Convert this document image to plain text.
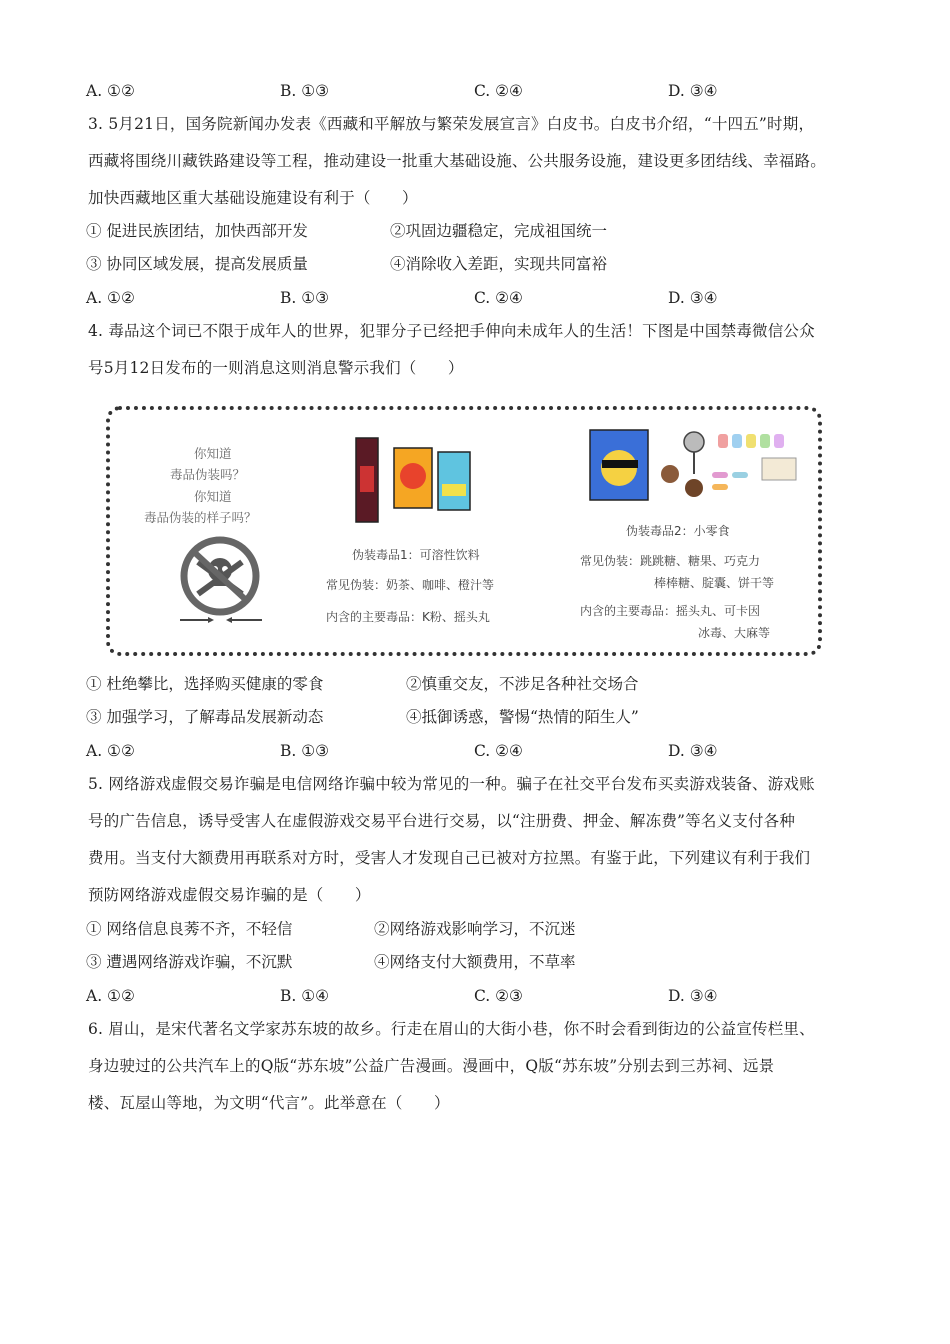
A. ①②	B. ①③	C. ②④	D. ③④
3. 5月21日，国务院新闻办发表《西藏和平解放与繁荣发展宣言》白皮书。白皮书介绍，“十四五”时期，
西藏将围绕川藏铁路建设等工程，推动建设一批重大基础设施、公共服务设施，建设更多团结线、幸福路。
加快西藏地区重大基础设施建设有利于（　　）
① 促进民族团结，加快西部开发	②巩固边疆稳定，完成祖国统一
③ 协同区域发展，提高发展质量	④消除收入差距，实现共同富裕
A. ①②	B. ①③	C. ②④	D. ③④
4. 毒品这个词已不限于成年人的世界，犯罪分子已经把手伸向未成年人的生活！下图是中国禁毒微信公众
号5月12日发布的一则消息这则消息警示我们（　　）
你知道
毒品伪装吗？
你知道
毒品伪装的样子吗？
伪装毒品1：可溶性饮料
常见伪装：奶茶、咖啡、橙汁等
内含的主要毒品：K粉、摇头丸
伪装毒品2：小零食
常见伪装：跳跳糖、糖果、巧克力
棒棒糖、腚囊、饼干等
内含的主要毒品：摇头丸、可卡因
冰毒、大麻等
① 杜绝攀比，选择购买健康的零食	②慎重交友，不涉足各种社交场合
③ 加强学习，了解毒品发展新动态	④抵御诱惑，警惕“热情的陌生人”
A. ①②	B. ①③	C. ②④	D. ③④
5. 网络游戏虚假交易诈骗是电信网络诈骗中较为常见的一种。骗子在社交平台发布买卖游戏装备、游戏账
号的广告信息，诱导受害人在虚假游戏交易平台进行交易，以“注册费、押金、解冻费”等名义支付各种
费用。当支付大额费用再联系对方时，受害人才发现自己已被对方拉黑。有鉴于此，下列建议有利于我们
预防网络游戏虚假交易诈骗的是（　　）
① 网络信息良莠不齐，不轻信	②网络游戏影响学习，不沉迷
③ 遭遇网络游戏诈骗，不沉默	④网络支付大额费用，不草率
A. ①②	B. ①④	C. ②③	D. ③④
6. 眉山，是宋代著名文学家苏东坡的故乡。行走在眉山的大街小巷，你不时会看到街边的公益宣传栏里、
身边驶过的公共汽车上的Q版“苏东坡”公益广告漫画。漫画中，Q版“苏东坡”分别去到三苏祠、远景
楼、瓦屋山等地，为文明“代言”。此举意在（　　）
